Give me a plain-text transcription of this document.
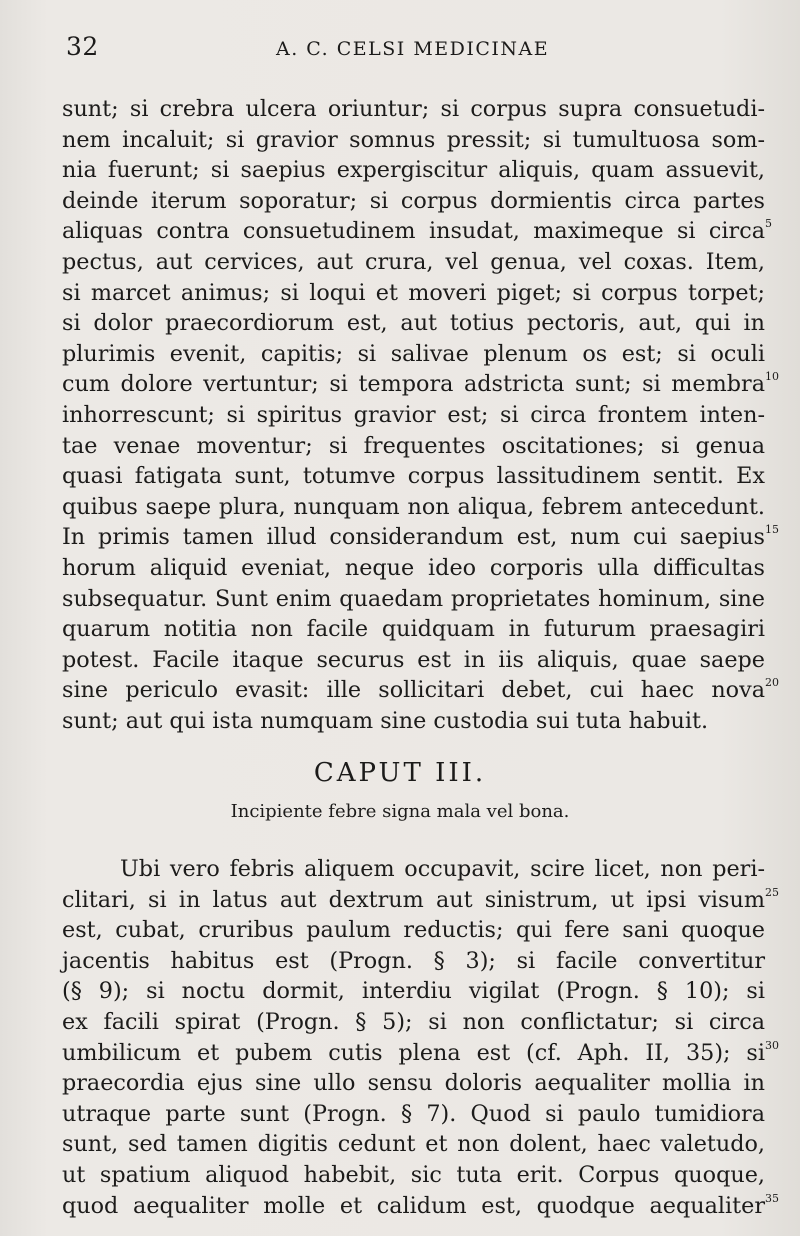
32	A. C. CELSI MEDICINAE
sunt; si crebra ulcera oriuntur; si corpus supra consuetudi-
nem incaluit; si gravior somnus pressit; si tumultuosa som-
nia fuerunt; si saepius expergiscitur aliquis, quam assuevit,
deinde iterum soporatur; si corpus dormientis circa partes
aliquas contra consuetudinem insudat, maximeque si circa 5
pectus, aut cervices, aut crura, vel genua, vel coxas. Item,
si marcet animus; si loqui et moveri piget; si corpus torpet;
si dolor praecordiorum est, aut totius pectoris, aut, qui in
plurimis evenit, capitis; si salivae plenum os est; si oculi
cum dolore vertuntur; si tempora adstricta sunt; si membra 10
inhorrescunt; si spiritus gravior est; si circa frontem inten-
tae venae moventur; si frequentes oscitationes; si genua
quasi fatigata sunt, totumve corpus lassitudinem sentit. Ex
quibus saepe plura, nunquam non aliqua, febrem antecedunt.
In primis tamen illud considerandum est, num cui saepius 15
horum aliquid eveniat, neque ideo corporis ulla difficultas
subsequatur. Sunt enim quaedam proprietates hominum, sine
quarum notitia non facile quidquam in futurum praesagiri
potest. Facile itaque securus est in iis aliquis, quae saepe
sine periculo evasit: ille sollicitari debet, cui haec nova 20
sunt; aut qui ista numquam sine custodia sui tuta habuit.
CAPUT III.
Incipiente febre signa mala vel bona.
Ubi vero febris aliquem occupavit, scire licet, non peri-
clitari, si in latus aut dextrum aut sinistrum, ut ipsi visum 25
est, cubat, cruribus paulum reductis; qui fere sani quoque
jacentis habitus est (Progn. § 3); si facile convertitur
(§ 9); si noctu dormit, interdiu vigilat (Progn. § 10); si
ex facili spirat (Progn. § 5); si non conflictatur; si circa
umbilicum et pubem cutis plena est (cf. Aph. II, 35); si 30
praecordia ejus sine ullo sensu doloris aequaliter mollia in
utraque parte sunt (Progn. § 7). Quod si paulo tumidiora
sunt, sed tamen digitis cedunt et non dolent, haec valetudo,
ut spatium aliquod habebit, sic tuta erit. Corpus quoque,
quod aequaliter molle et calidum est, quodque aequaliter 35
